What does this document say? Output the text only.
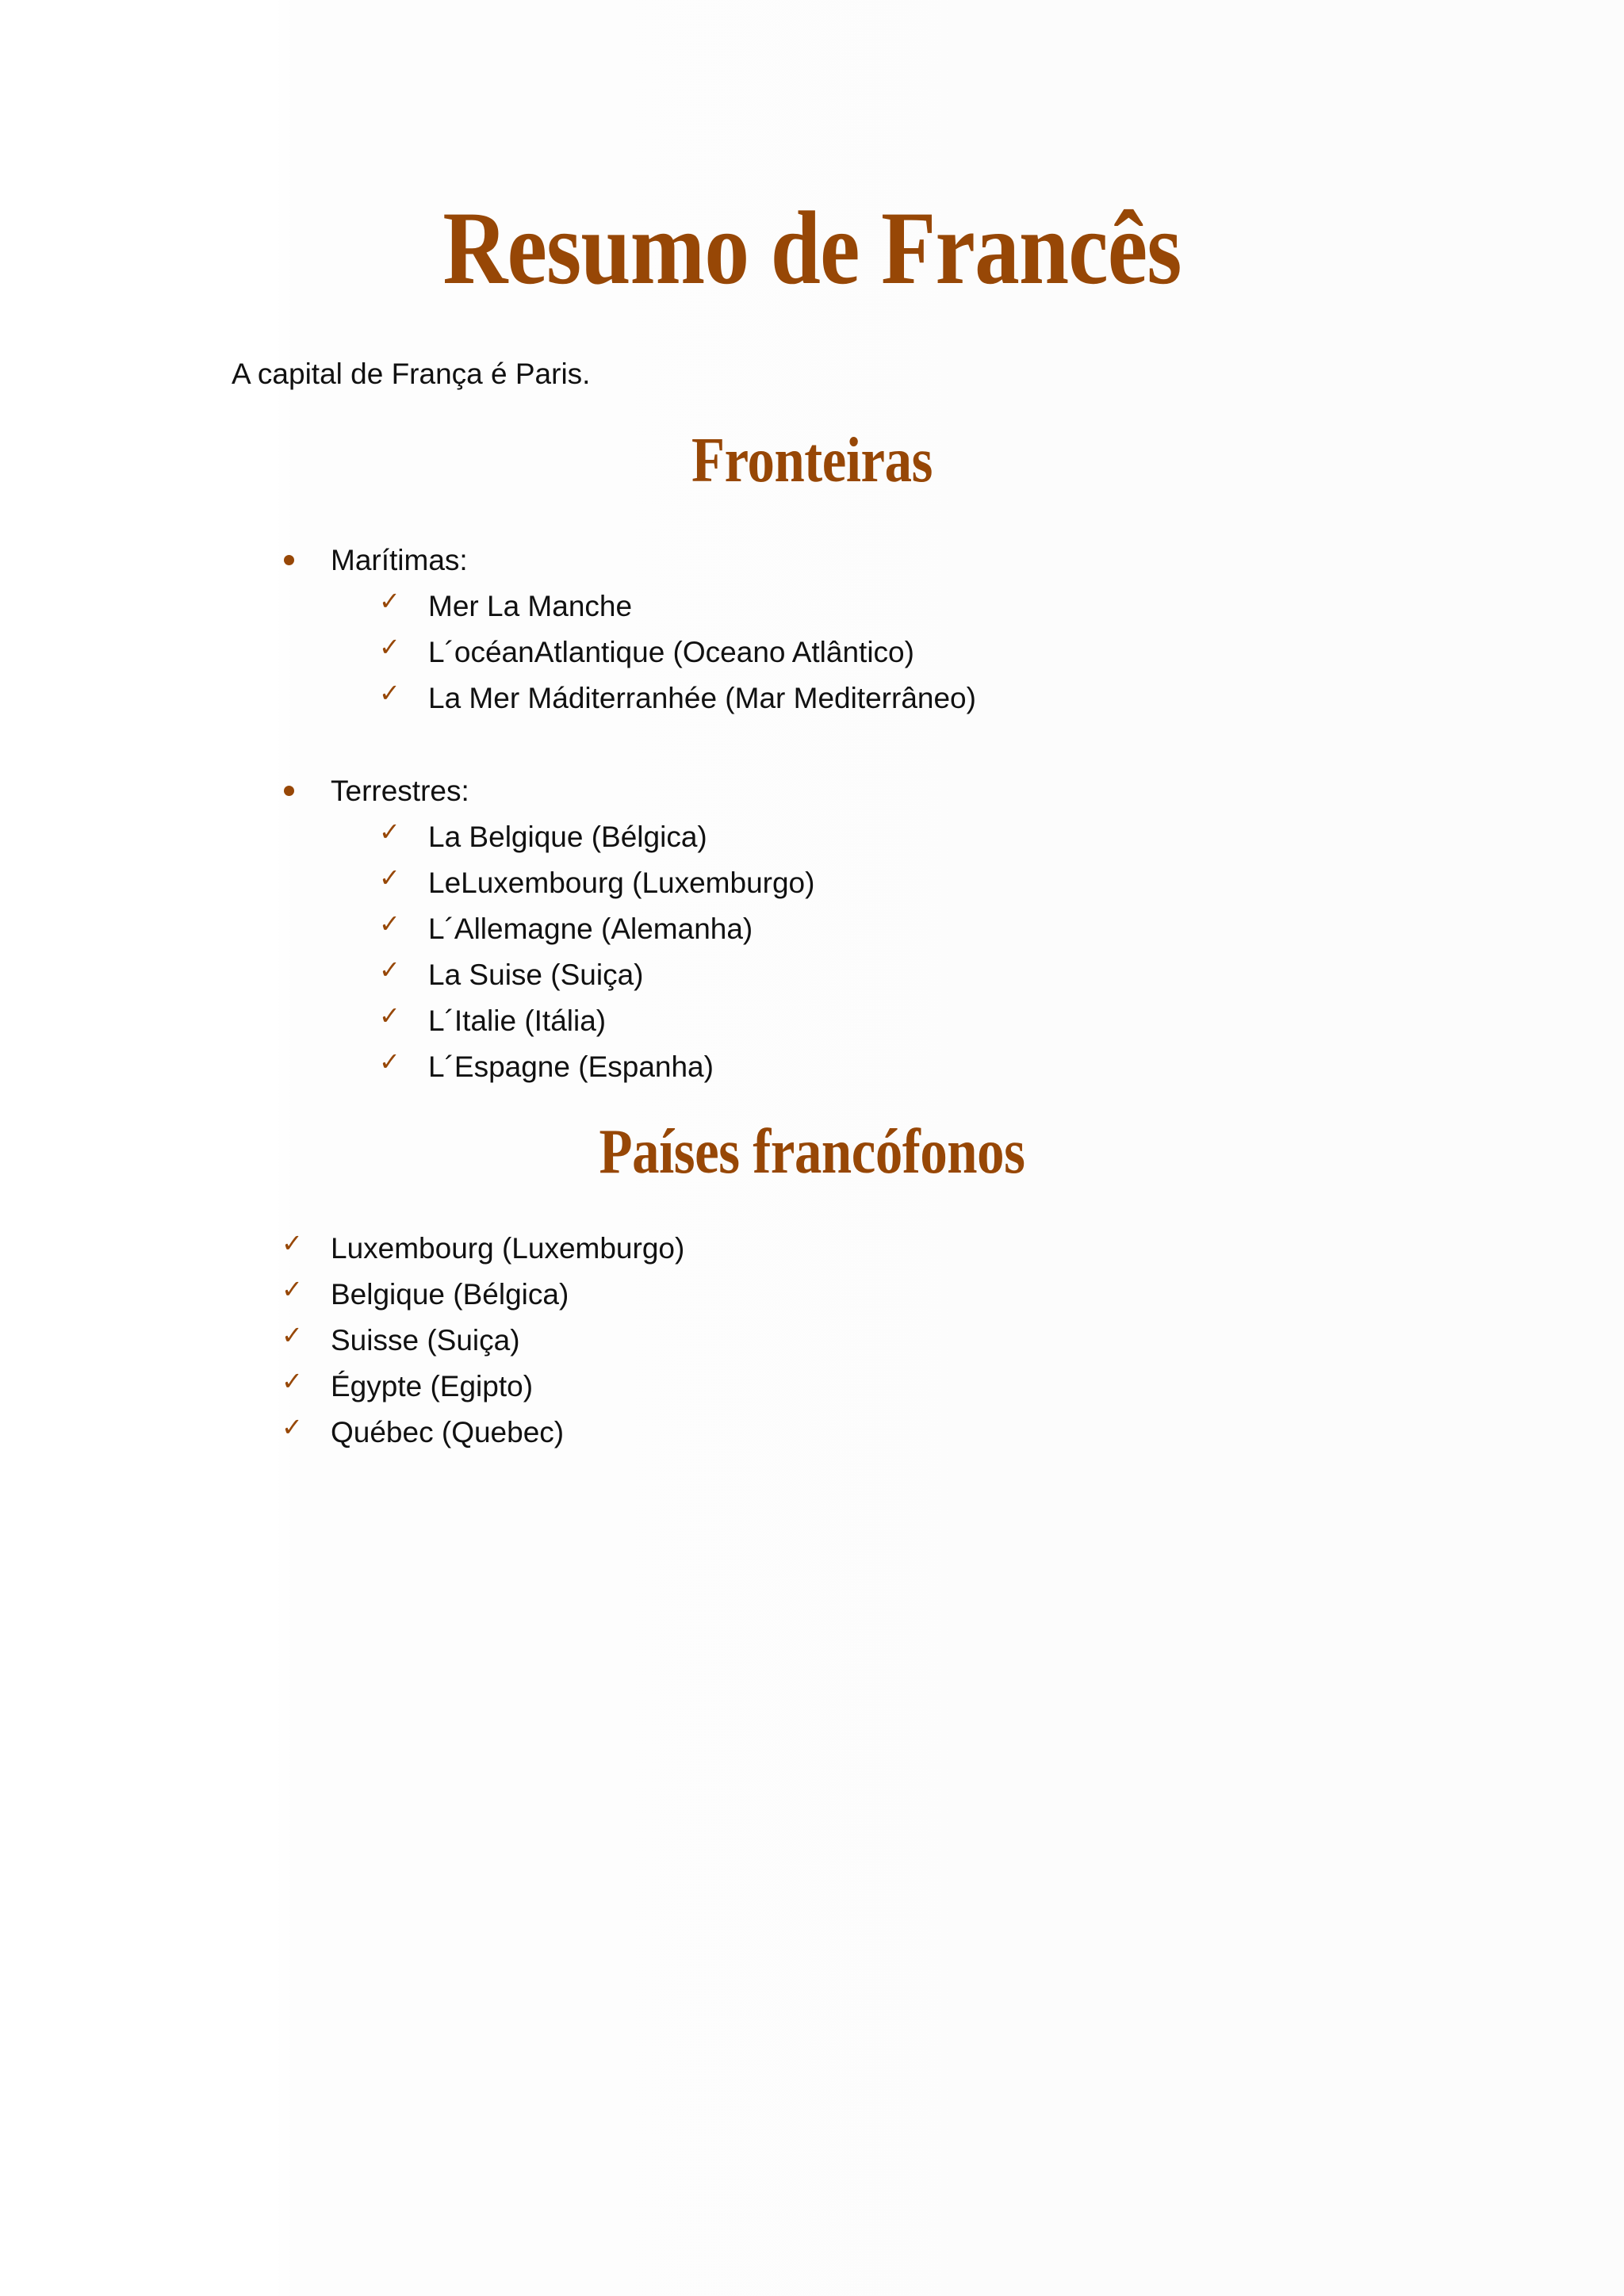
Resumo de Francês
A capital de França é Paris.
Fronteiras
Marítimas:
✓ Mer La Manche
✓ L´océanAtlantique (Oceano Atlântico)
✓ La Mer Máditerranhée (Mar Mediterrâneo)
Terrestres:
✓ La Belgique (Bélgica)
✓ LeLuxembourg (Luxemburgo)
✓ L´Allemagne (Alemanha)
✓ La Suise (Suiça)
✓ L´Italie (Itália)
✓ L´Espagne (Espanha)
Países francófonos
✓ Luxembourg (Luxemburgo)
✓ Belgique (Bélgica)
✓ Suisse (Suiça)
✓ Égypte (Egipto)
✓ Québec (Quebec)
